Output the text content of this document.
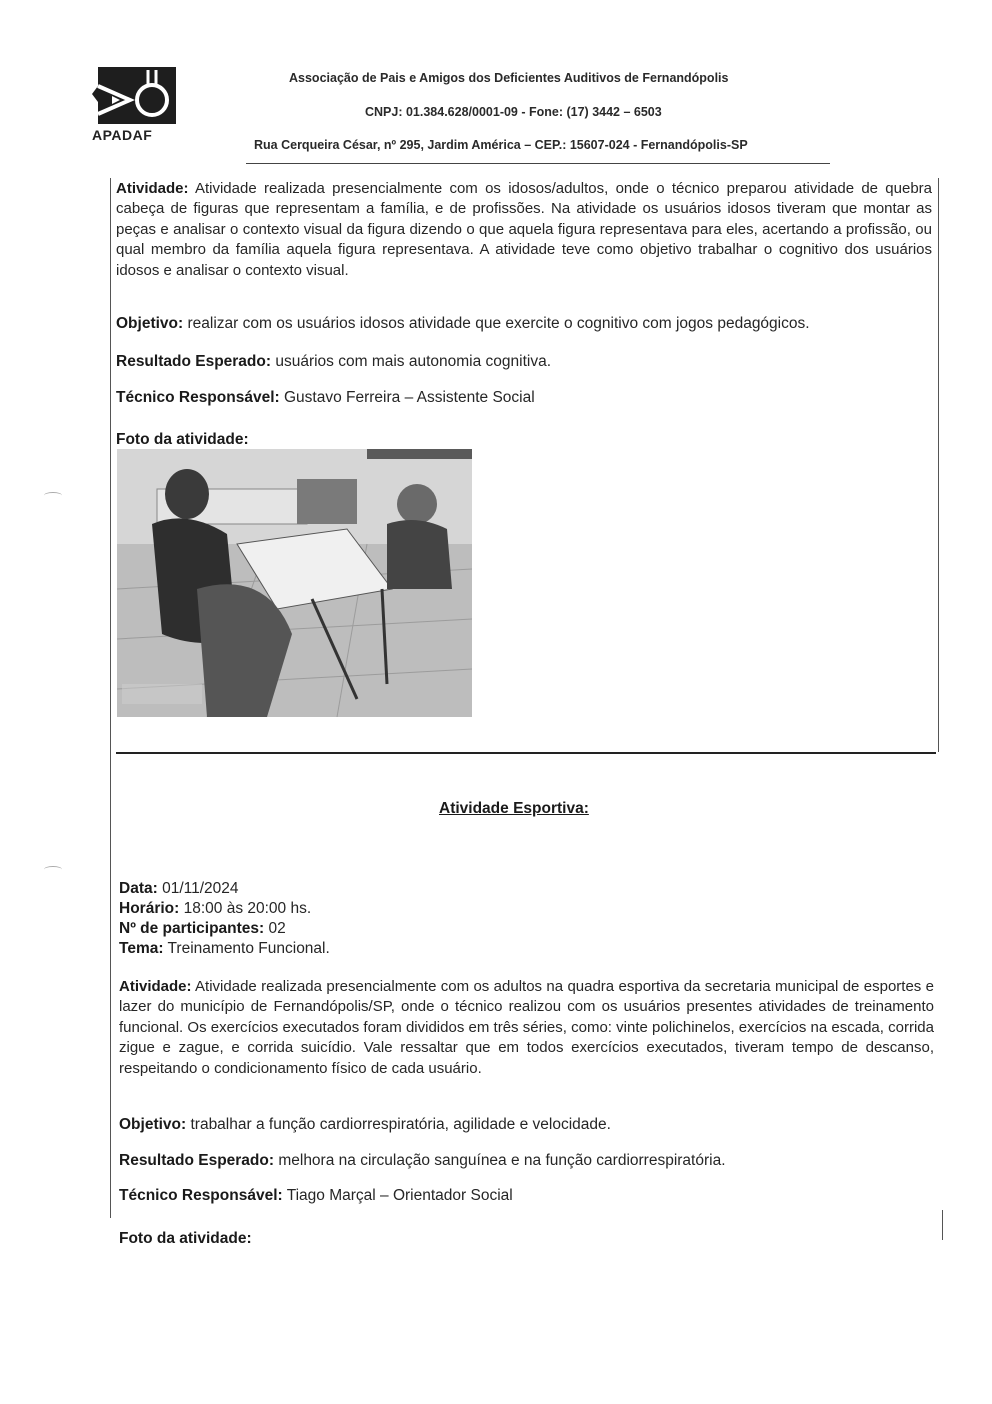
APADAF
Associação de Pais e Amigos dos Deficientes Auditivos de Fernandópolis
CNPJ: 01.384.628/0001-09 - Fone: (17) 3442 – 6503
Rua Cerqueira César, nº 295, Jardim América – CEP.: 15607-024 - Fernandópolis-SP
Atividade: Atividade realizada presencialmente com os idosos/adultos, onde o técnico preparou atividade de quebra cabeça de figuras que representam a família, e de profissões. Na atividade os usuários idosos tiveram que montar as peças e analisar o contexto visual da figura dizendo o que aquela figura representava para eles, acertando a profissão, ou qual membro da família aquela figura representava. A atividade teve como objetivo trabalhar o cognitivo dos usuários idosos e analisar o contexto visual.
Objetivo: realizar com os usuários idosos atividade que exercite o cognitivo com jogos pedagógicos.
Resultado Esperado: usuários com mais autonomia cognitiva.
Técnico Responsável: Gustavo Ferreira – Assistente Social
Foto da atividade:
Atividade Esportiva:
Data: 01/11/2024
Horário: 18:00 às 20:00 hs.
Nº de participantes: 02
Tema: Treinamento Funcional.
Atividade: Atividade realizada presencialmente com os adultos na quadra esportiva da secretaria municipal de esportes e lazer do município de Fernandópolis/SP, onde o técnico realizou com os usuários presentes atividades de treinamento funcional. Os exercícios executados foram divididos em três séries, como: vinte polichinelos, exercícios na escada, corrida zigue e zague, e corrida suicídio. Vale ressaltar que em todos exercícios executados, tiveram tempo de descanso, respeitando o condicionamento físico de cada usuário.
Objetivo: trabalhar a função cardiorrespiratória, agilidade e velocidade.
Resultado Esperado: melhora na circulação sanguínea e na função cardiorrespiratória.
Técnico Responsável: Tiago Marçal – Orientador Social
Foto da atividade:
